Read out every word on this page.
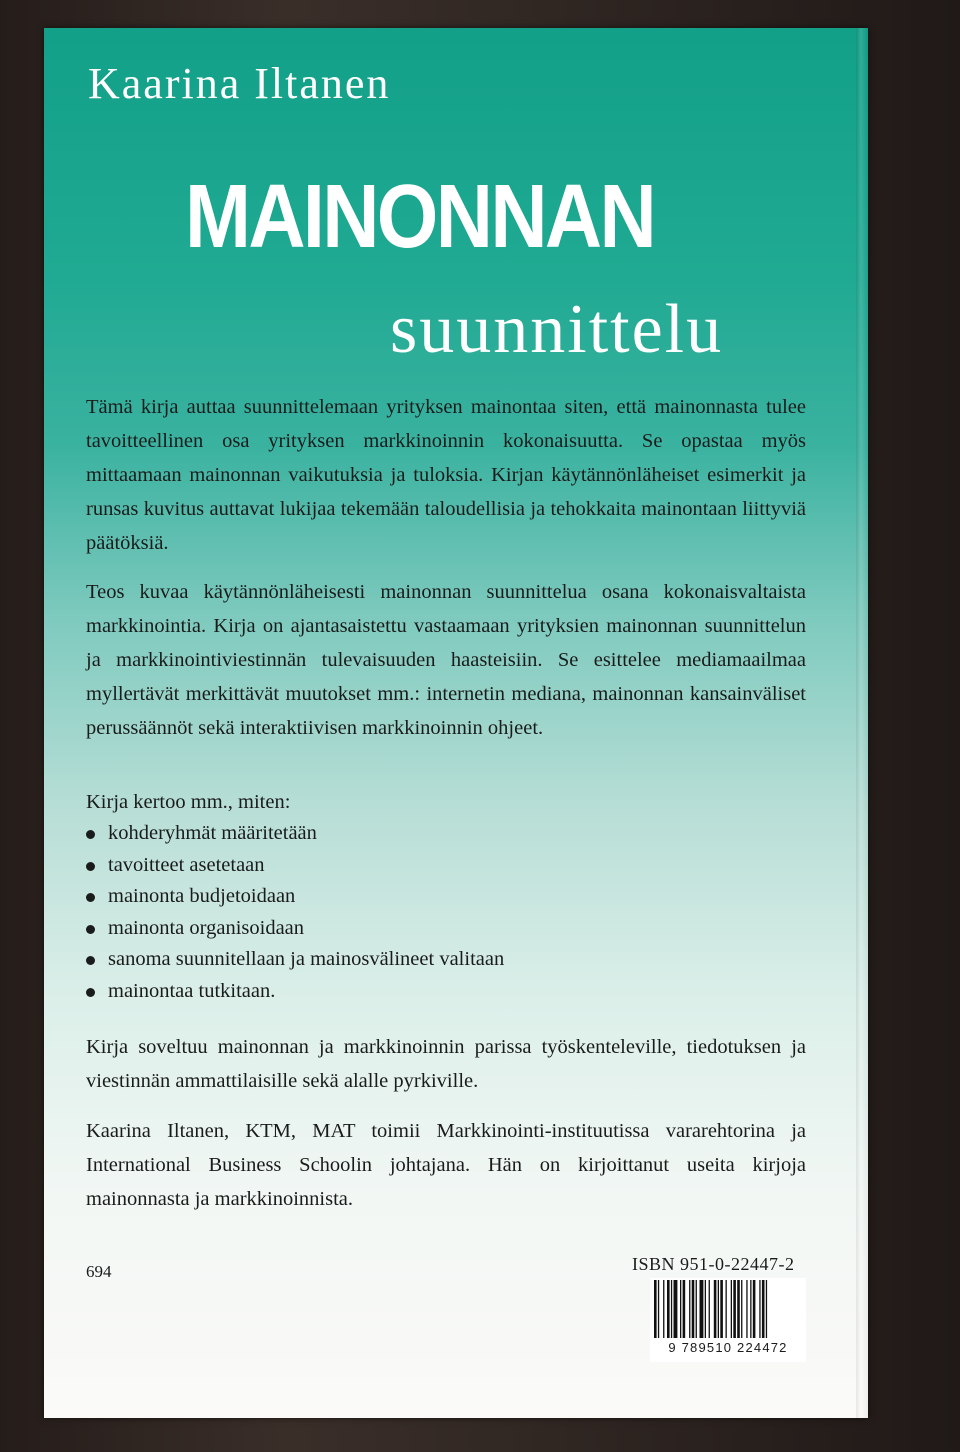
Kaarina Iltanen
MAINONNAN
suunnittelu
Tämä kirja auttaa suunnittelemaan yrityksen mainontaa siten, että mainonnasta tulee tavoitteellinen osa yrityksen markkinoinnin kokonaisuutta. Se opastaa myös mittaamaan mainonnan vaikutuksia ja tuloksia. Kirjan käytännönläheiset esimerkit ja runsas kuvitus auttavat lukijaa tekemään taloudellisia ja tehokkaita mainontaan liittyviä päätöksiä.
Teos kuvaa käytännönläheisesti mainonnan suunnittelua osana kokonaisvaltaista markkinointia. Kirja on ajantasaistettu vastaamaan yrityksien mainonnan suunnittelun ja markkinointiviestinnän tulevaisuuden haasteisiin. Se esittelee mediamaailmaa myllertävät merkittävät muutokset mm.: internetin mediana, mainonnan kansainväliset perussäännöt sekä interaktiivisen markkinoinnin ohjeet.
Kirja kertoo mm., miten:
kohderyhmät määritetään
tavoitteet asetetaan
mainonta budjetoidaan
mainonta organisoidaan
sanoma suunnitellaan ja mainosvälineet valitaan
mainontaa tutkitaan.
Kirja soveltuu mainonnan ja markkinoinnin parissa työskenteleville, tiedotuksen ja viestinnän ammattilaisille sekä alalle pyrkiville.
Kaarina Iltanen, KTM, MAT toimii Markkinointi-instituutissa vararehtorina ja International Business Schoolin johtajana. Hän on kirjoittanut useita kirjoja mainonnasta ja markkinoinnista.
694	ISBN 951-0-22447-2
9 789510 224472
